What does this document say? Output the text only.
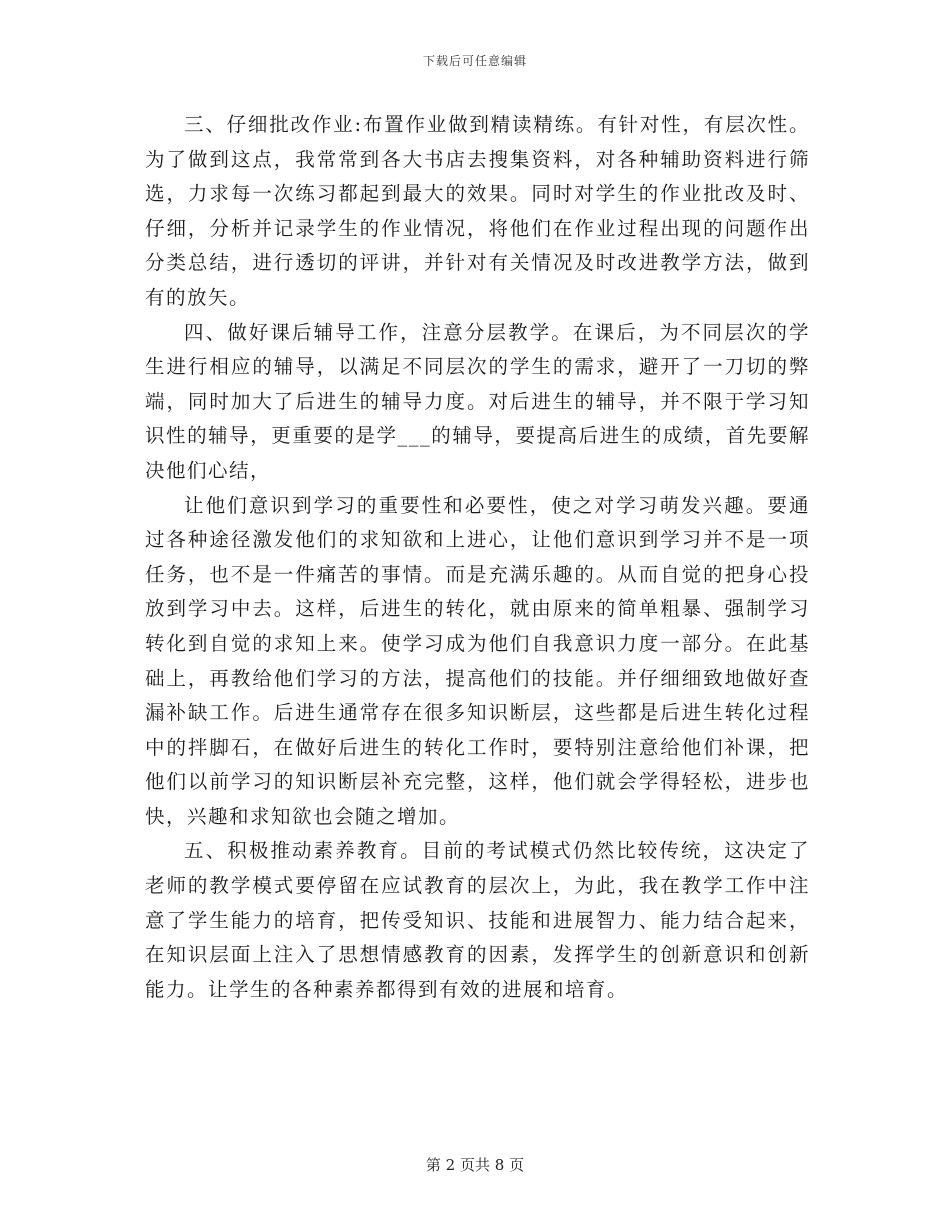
下载后可任意编辑

三、仔细批改作业:布置作业做到精读精练。有针对性，有层次性。为了做到这点，我常常到各大书店去搜集资料，对各种辅助资料进行筛选，力求每一次练习都起到最大的效果。同时对学生的作业批改及时、仔细，分析并记录学生的作业情况，将他们在作业过程出现的问题作出分类总结，进行透切的评讲，并针对有关情况及时改进教学方法，做到有的放矢。

四、做好课后辅导工作，注意分层教学。在课后，为不同层次的学生进行相应的辅导，以满足不同层次的学生的需求，避开了一刀切的弊端，同时加大了后进生的辅导力度。对后进生的辅导，并不限于学习知识性的辅导，更重要的是学___的辅导，要提高后进生的成绩，首先要解决他们心结，

让他们意识到学习的重要性和必要性，使之对学习萌发兴趣。要通过各种途径激发他们的求知欲和上进心，让他们意识到学习并不是一项任务，也不是一件痛苦的事情。而是充满乐趣的。从而自觉的把身心投放到学习中去。这样，后进生的转化，就由原来的简单粗暴、强制学习转化到自觉的求知上来。使学习成为他们自我意识力度一部分。在此基础上，再教给他们学习的方法，提高他们的技能。并仔细细致地做好查漏补缺工作。后进生通常存在很多知识断层，这些都是后进生转化过程中的拌脚石，在做好后进生的转化工作时，要特别注意给他们补课，把他们以前学习的知识断层补充完整，这样，他们就会学得轻松，进步也快，兴趣和求知欲也会随之增加。

五、积极推动素养教育。目前的考试模式仍然比较传统，这决定了老师的教学模式要停留在应试教育的层次上，为此，我在教学工作中注意了学生能力的培育，把传受知识、技能和进展智力、能力结合起来，在知识层面上注入了思想情感教育的因素，发挥学生的创新意识和创新能力。让学生的各种素养都得到有效的进展和培育。

第 2 页共 8 页
